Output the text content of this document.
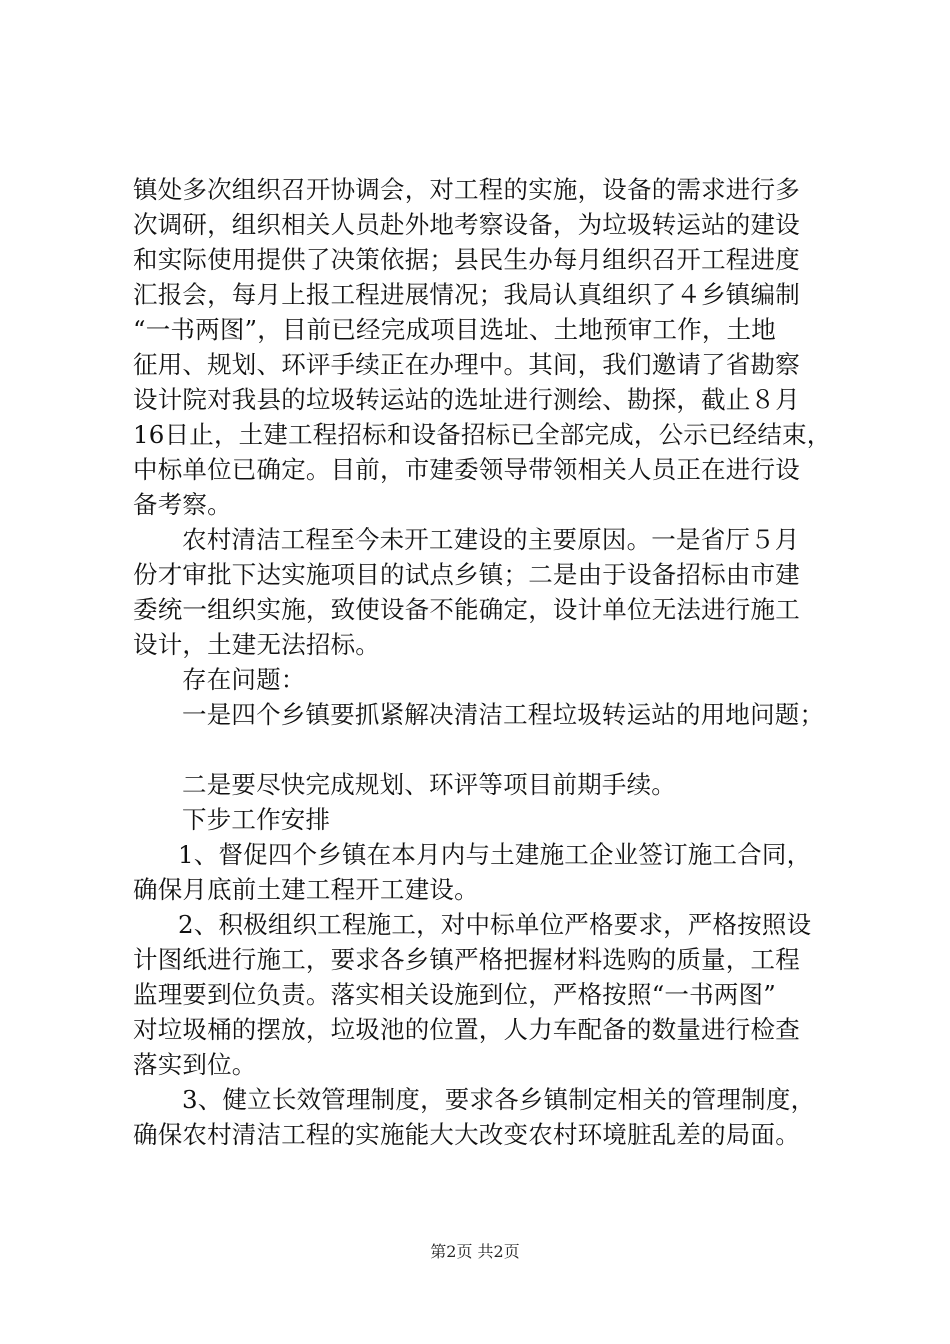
镇处多次组织召开协调会，对工程的实施，设备的需求进行多
次调研，组织相关人员赴外地考察设备，为垃圾转运站的建设
和实际使用提供了决策依据；县民生办每月组织召开工程进度
汇报会，每月上报工程进展情况；我局认真组织了４乡镇编制
“一书两图”，目前已经完成项目选址、土地预审工作，土地
征用、规划、环评手续正在办理中。其间，我们邀请了省勘察
设计院对我县的垃圾转运站的选址进行测绘、勘探，截止８月
16日止，土建工程招标和设备招标已全部完成，公示已经结束，
中标单位已确定。目前，市建委领导带领相关人员正在进行设
备考察。
农村清洁工程至今未开工建设的主要原因。一是省厅５月
份才审批下达实施项目的试点乡镇；二是由于设备招标由市建
委统一组织实施，致使设备不能确定，设计单位无法进行施工
设计，土建无法招标。
存在问题：
一是四个乡镇要抓紧解决清洁工程垃圾转运站的用地问题；
二是要尽快完成规划、环评等项目前期手续。
下步工作安排
1、督促四个乡镇在本月内与土建施工企业签订施工合同，
确保月底前土建工程开工建设。
2、积极组织工程施工，对中标单位严格要求，严格按照设
计图纸进行施工，要求各乡镇严格把握材料选购的质量，工程
监理要到位负责。落实相关设施到位，严格按照“一书两图”
对垃圾桶的摆放，垃圾池的位置，人力车配备的数量进行检查
落实到位。
3、健立长效管理制度，要求各乡镇制定相关的管理制度，
确保农村清洁工程的实施能大大改变农村环境脏乱差的局面。
第2页 共2页
